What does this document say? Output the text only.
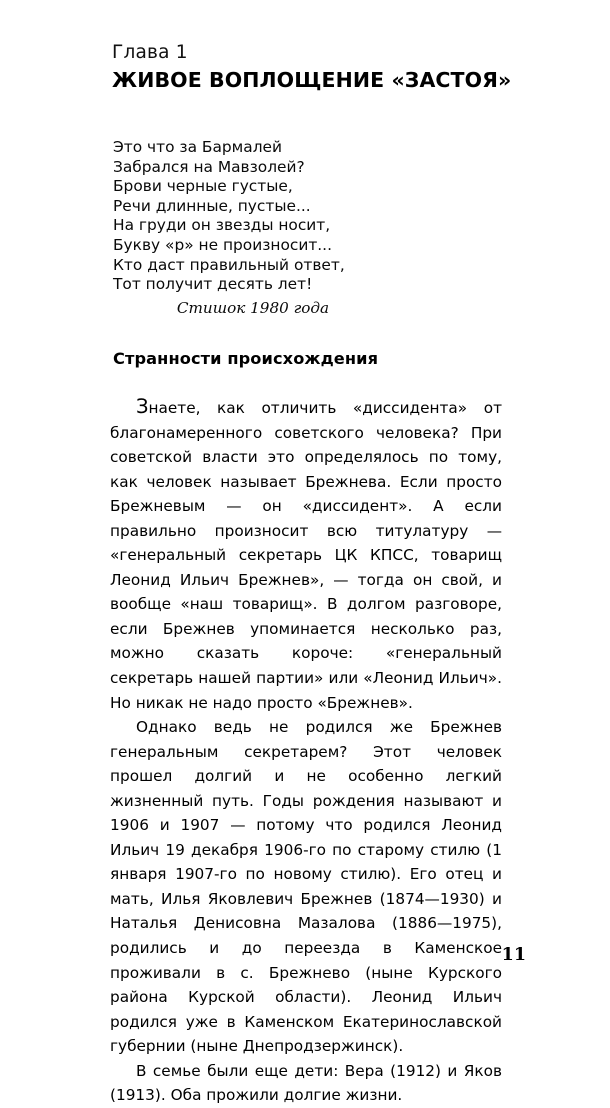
Глава 1
ЖИВОЕ ВОПЛОЩЕНИЕ «ЗАСТОЯ»
Это что за Бармалей
Забрался на Мавзолей?
Брови черные густые,
Речи длинные, пустые...
На груди он звезды носит,
Букву «р» не произносит...
Кто даст правильный ответ,
Тот получит десять лет!
Стишок 1980 года
Странности происхождения

Знаете, как отличить «диссидента» от благонамеренного советского человека? При советской власти это определялось по тому, как человек называет Брежнева. Если просто Брежневым — он «диссидент». А если правильно произносит всю титулатуру — «генеральный секретарь ЦК КПСС, товарищ Леонид Ильич Брежнев», — тогда он свой, и вообще «наш товарищ». В долгом разговоре, если Брежнев упоминается несколько раз, можно сказать короче: «генеральный секретарь нашей партии» или «Леонид Ильич». Но никак не надо просто «Брежнев».

Однако ведь не родился же Брежнев генеральным секретарем? Этот человек прошел долгий и не особенно легкий жизненный путь. Годы рождения называют и 1906 и 1907 — потому что родился Леонид Ильич 19 декабря 1906-го по старому стилю (1 января 1907-го по новому стилю). Его отец и мать, Илья Яковлевич Брежнев (1874—1930) и Наталья Денисовна Мазалова (1886—1975), родились и до переезда в Каменское проживали в с. Брежнево (ныне Курского района Курской области). Леонид Ильич родился уже в Каменском Екатеринославской губернии (ныне Днепродзержинск).

В семье были еще дети: Вера (1912) и Яков (1913). Оба прожили долгие жизни.

11
